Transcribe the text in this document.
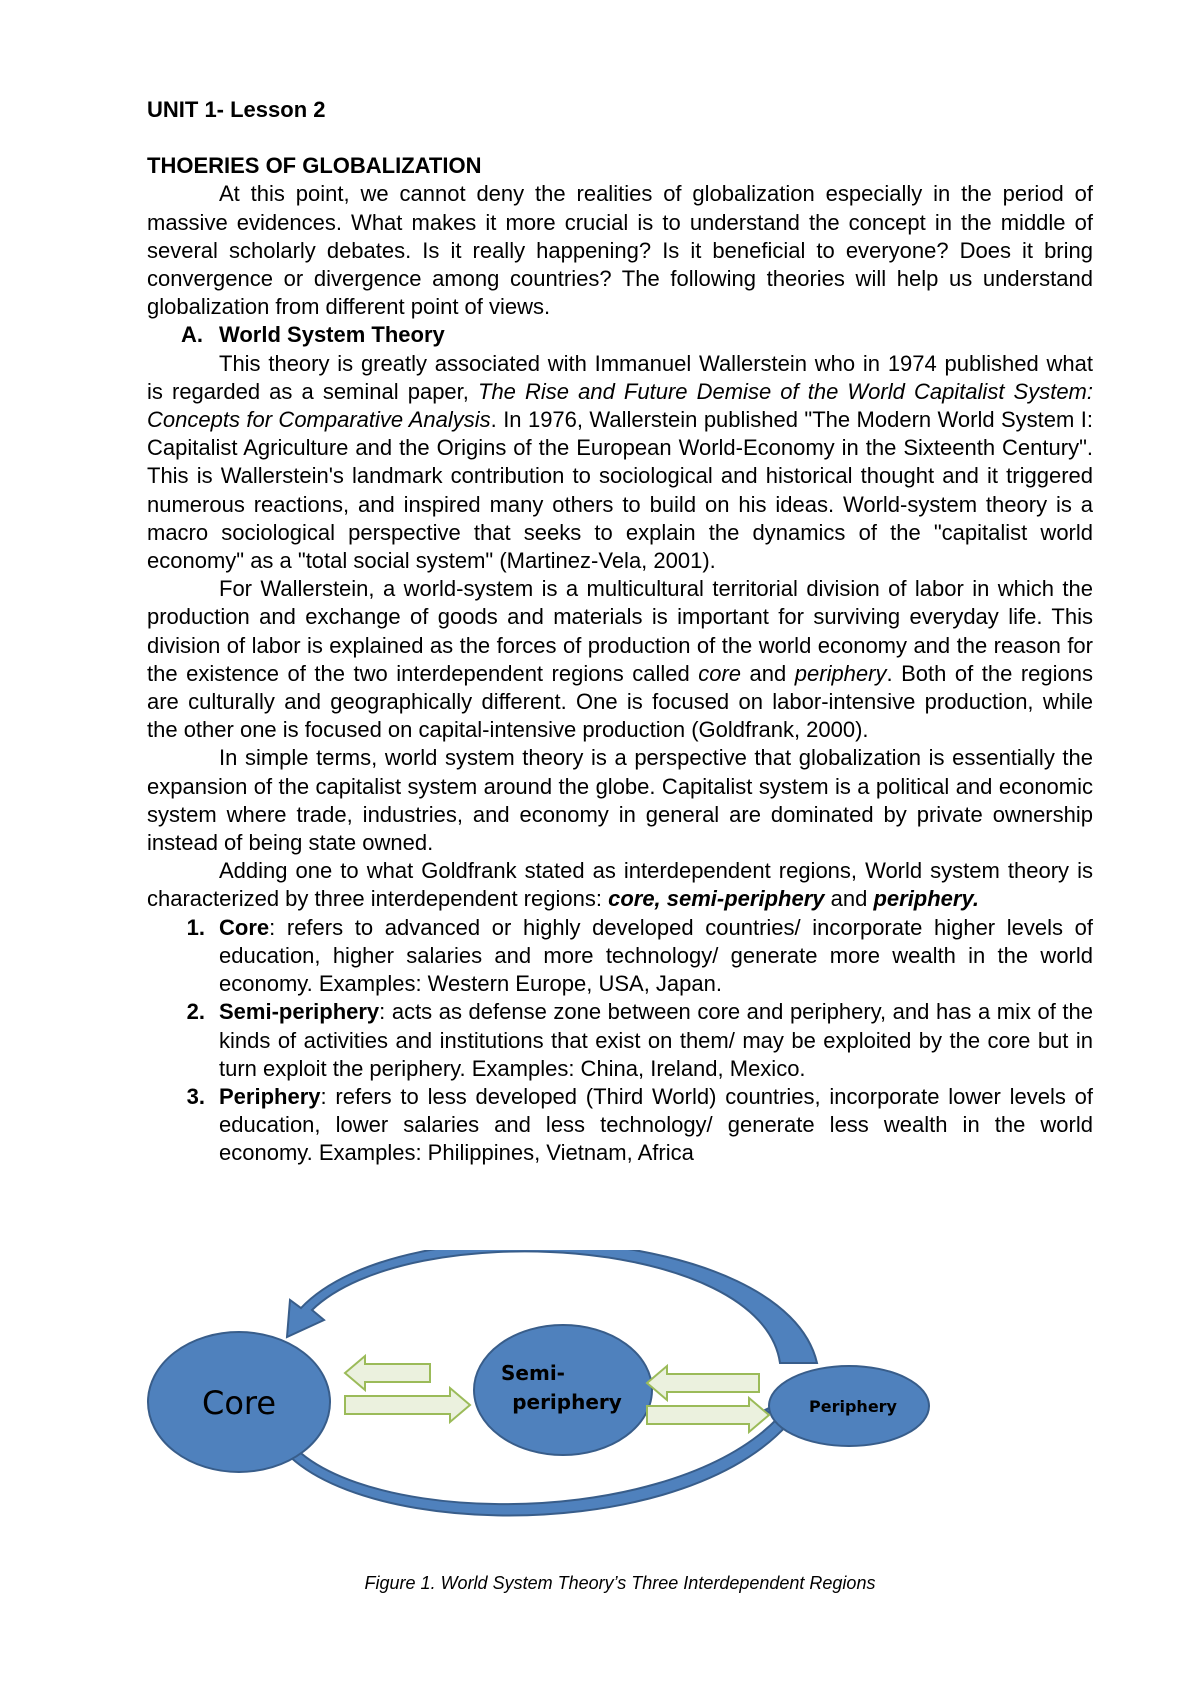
UNIT 1- Lesson 2

THOERIES OF GLOBALIZATION

At this point, we cannot deny the realities of globalization especially in the period of massive evidences. What makes it more crucial is to understand the concept in the middle of several scholarly debates. Is it really happening? Is it beneficial to everyone? Does it bring convergence or divergence among countries? The following theories will help us understand globalization from different point of views.

A. World System Theory

This theory is greatly associated with Immanuel Wallerstein who in 1974 published what is regarded as a seminal paper, The Rise and Future Demise of the World Capitalist System: Concepts for Comparative Analysis. In 1976, Wallerstein published "The Modern World System I: Capitalist Agriculture and the Origins of the European World-Economy in the Sixteenth Century". This is Wallerstein's landmark contribution to sociological and historical thought and it triggered numerous reactions, and inspired many others to build on his ideas. World-system theory is a macro sociological perspective that seeks to explain the dynamics of the "capitalist world economy" as a "total social system" (Martinez-Vela, 2001).

For Wallerstein, a world-system is a multicultural territorial division of labor in which the production and exchange of goods and materials is important for surviving everyday life. This division of labor is explained as the forces of production of the world economy and the reason for the existence of the two interdependent regions called core and periphery. Both of the regions are culturally and geographically different. One is focused on labor-intensive production, while the other one is focused on capital-intensive production (Goldfrank, 2000).

In simple terms, world system theory is a perspective that globalization is essentially the expansion of the capitalist system around the globe. Capitalist system is a political and economic system where trade, industries, and economy in general are dominated by private ownership instead of being state owned.

Adding one to what Goldfrank stated as interdependent regions, World system theory is characterized by three interdependent regions: core, semi-periphery and periphery.

1. Core: refers to advanced or highly developed countries/ incorporate higher levels of education, higher salaries and more technology/ generate more wealth in the world economy. Examples: Western Europe, USA, Japan.
2. Semi-periphery: acts as defense zone between core and periphery, and has a mix of the kinds of activities and institutions that exist on them/ may be exploited by the core but in turn exploit the periphery. Examples: China, Ireland, Mexico.
3. Periphery: refers to less developed (Third World) countries, incorporate lower levels of education, lower salaries and less technology/ generate less wealth in the world economy. Examples: Philippines, Vietnam, Africa
Core
Semi-
periphery	Periphery
Figure 1. World System Theory’s Three Interdependent Regions
